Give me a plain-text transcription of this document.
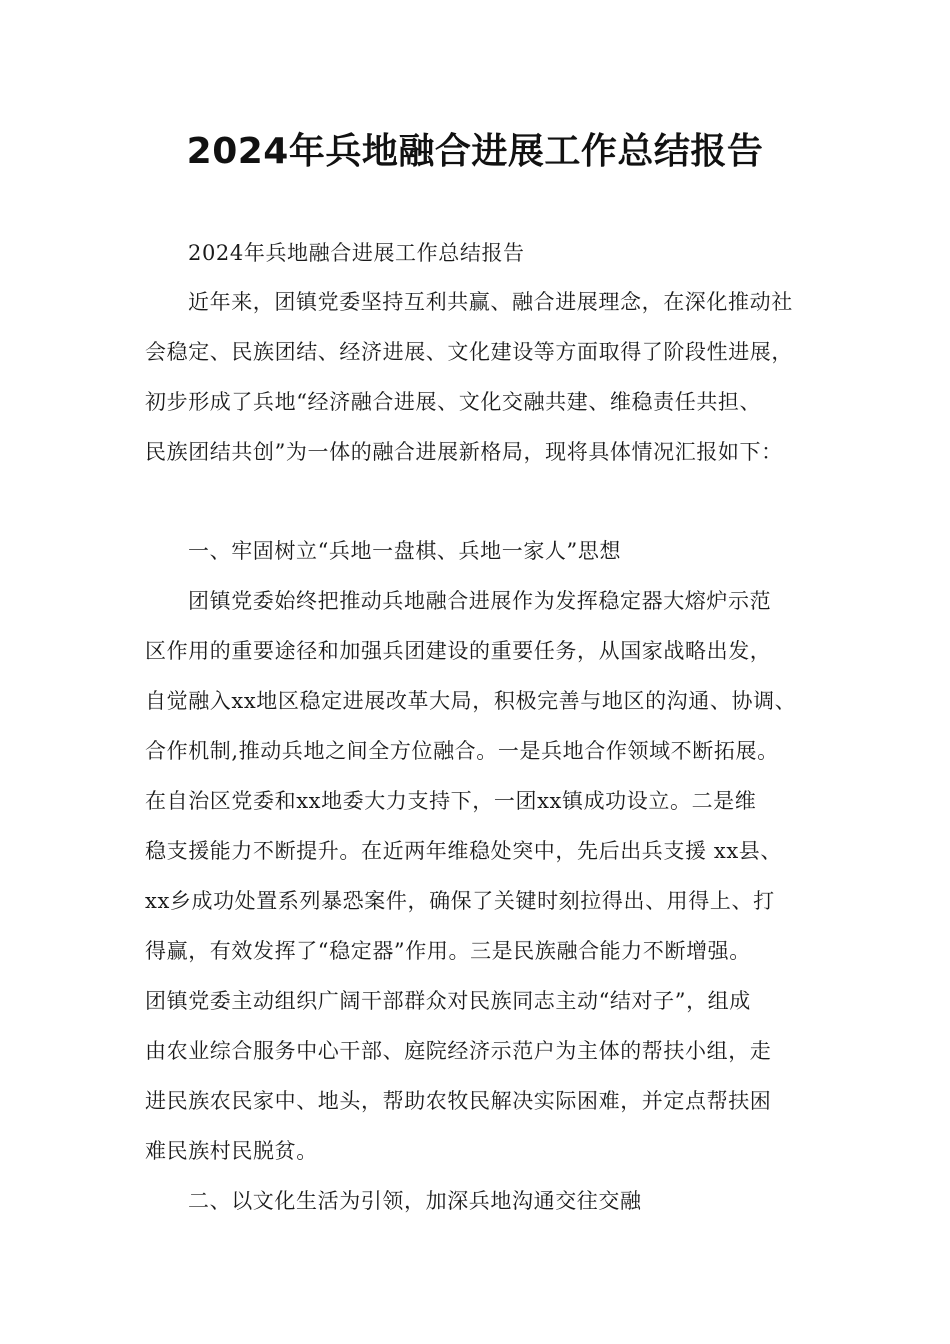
2024年兵地融合进展工作总结报告
2024年兵地融合进展工作总结报告
近年来，团镇党委坚持互利共赢、融合进展理念，在深化推动社
会稳定、民族团结、经济进展、文化建设等方面取得了阶段性进展，
初步形成了兵地“经济融合进展、文化交融共建、维稳责任共担、
民族团结共创”为一体的融合进展新格局，现将具体情况汇报如下：
一、牢固树立“兵地一盘棋、兵地一家人”思想
团镇党委始终把推动兵地融合进展作为发挥稳定器大熔炉示范
区作用的重要途径和加强兵团建设的重要任务，从国家战略出发，
自觉融入xx地区稳定进展改革大局，积极完善与地区的沟通、协调、
合作机制,推动兵地之间全方位融合。一是兵地合作领域不断拓展。
在自治区党委和xx地委大力支持下，一团xx镇成功设立。二是维
稳支援能力不断提升。在近两年维稳处突中，先后出兵支援 xx县、
xx乡成功处置系列暴恐案件，确保了关键时刻拉得出、用得上、打
得赢，有效发挥了“稳定器”作用。三是民族融合能力不断增强。
团镇党委主动组织广阔干部群众对民族同志主动“结对子”，组成
由农业综合服务中心干部、庭院经济示范户为主体的帮扶小组，走
进民族农民家中、地头，帮助农牧民解决实际困难，并定点帮扶困
难民族村民脱贫。
二、以文化生活为引领，加深兵地沟通交往交融
